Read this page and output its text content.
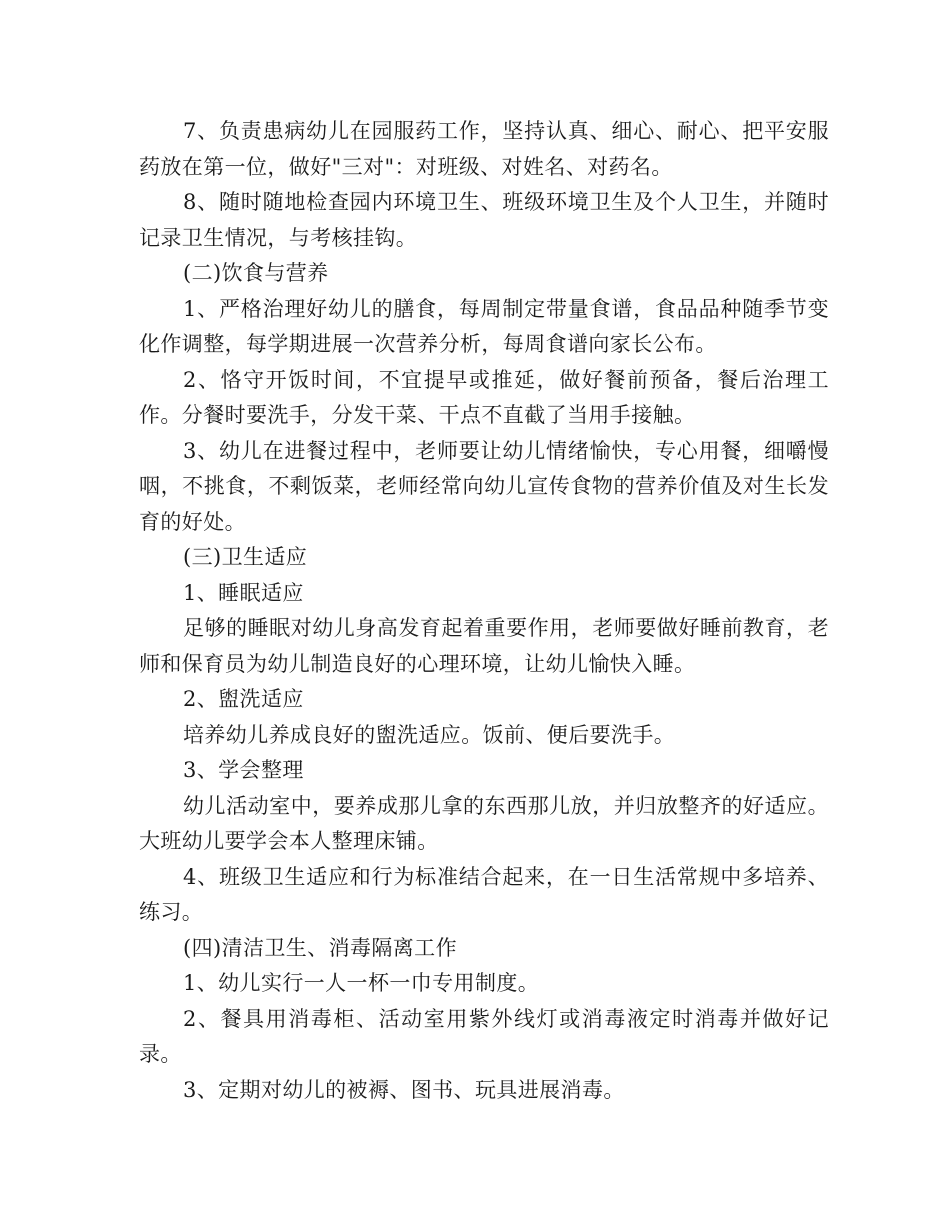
7、负责患病幼儿在园服药工作，坚持认真、细心、耐心、把平安服药放在第一位，做好"三对"：对班级、对姓名、对药名。

8、随时随地检查园内环境卫生、班级环境卫生及个人卫生，并随时记录卫生情况，与考核挂钩。

(二)饮食与营养

1、严格治理好幼儿的膳食，每周制定带量食谱，食品品种随季节变化作调整，每学期进展一次营养分析，每周食谱向家长公布。

2、恪守开饭时间，不宜提早或推延，做好餐前预备，餐后治理工作。分餐时要洗手，分发干菜、干点不直截了当用手接触。

3、幼儿在进餐过程中，老师要让幼儿情绪愉快，专心用餐，细嚼慢咽，不挑食，不剩饭菜，老师经常向幼儿宣传食物的营养价值及对生长发育的好处。

(三)卫生适应

1、睡眠适应

足够的睡眠对幼儿身高发育起着重要作用，老师要做好睡前教育，老师和保育员为幼儿制造良好的心理环境，让幼儿愉快入睡。

2、盥洗适应

培养幼儿养成良好的盥洗适应。饭前、便后要洗手。

3、学会整理

幼儿活动室中，要养成那儿拿的东西那儿放，并归放整齐的好适应。大班幼儿要学会本人整理床铺。

4、班级卫生适应和行为标准结合起来，在一日生活常规中多培养、练习。

(四)清洁卫生、消毒隔离工作

1、幼儿实行一人一杯一巾专用制度。

2、餐具用消毒柜、活动室用紫外线灯或消毒液定时消毒并做好记录。

3、定期对幼儿的被褥、图书、玩具进展消毒。
